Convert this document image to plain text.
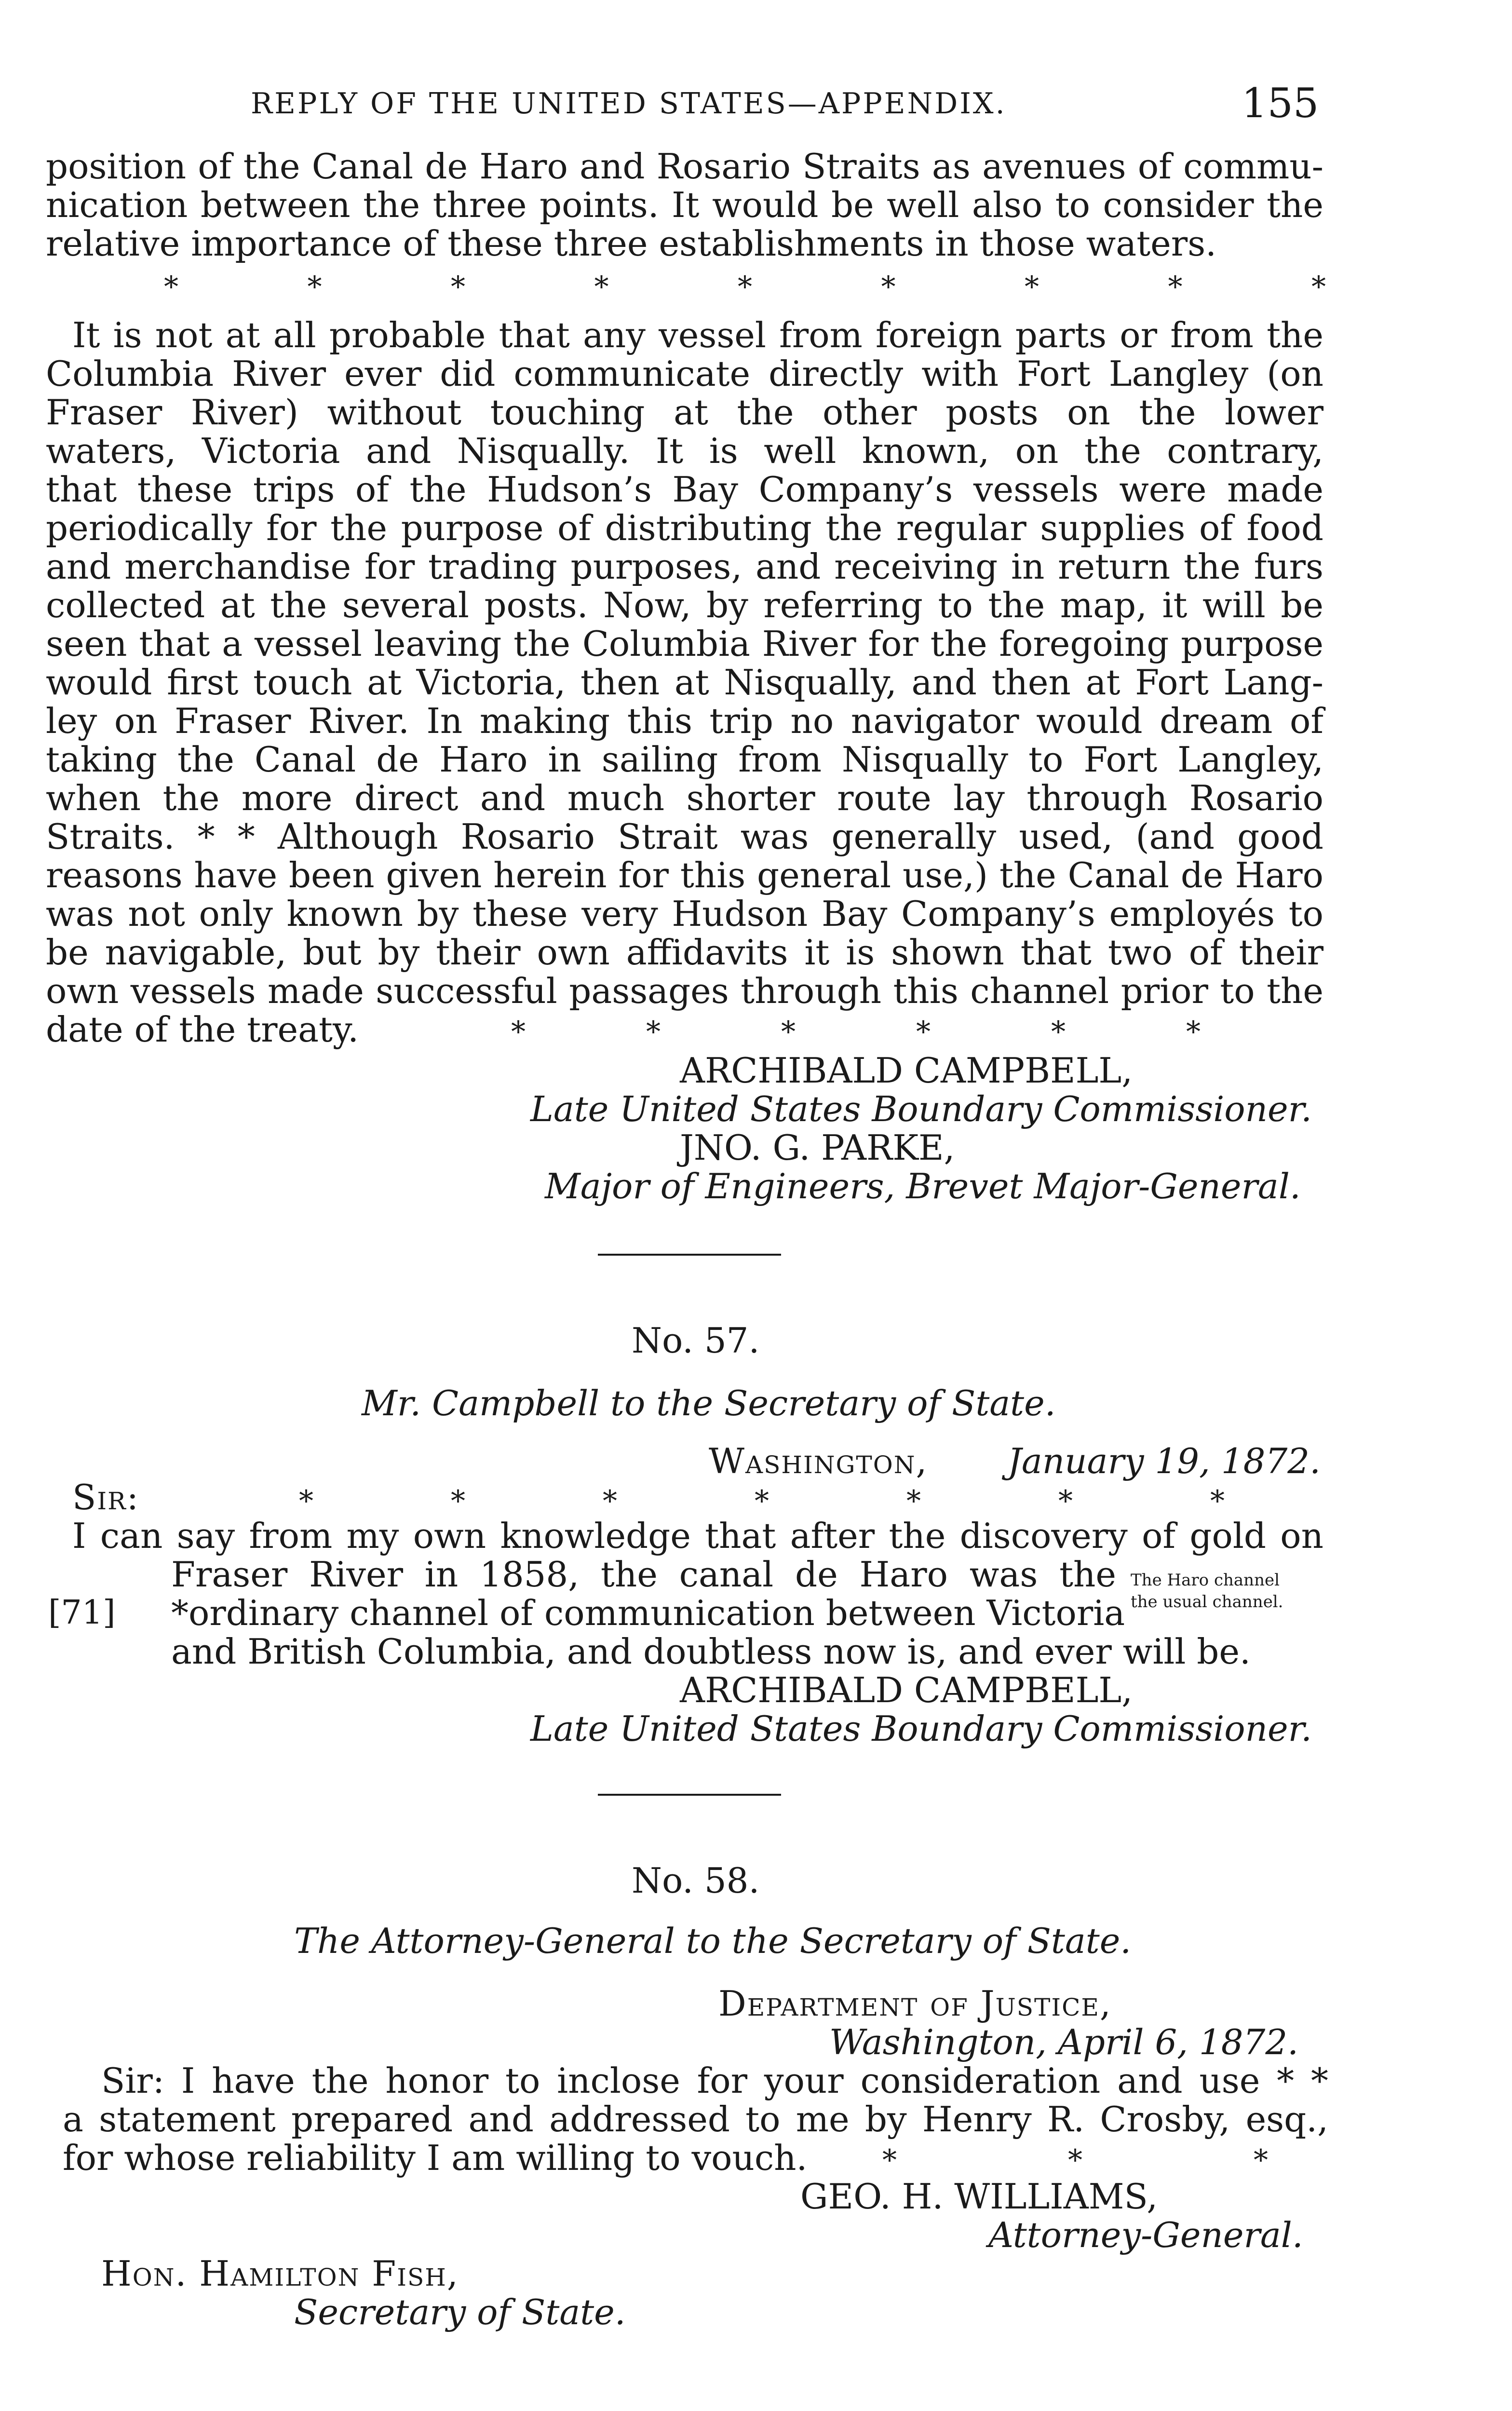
REPLY OF THE UNITED STATES—APPENDIX.	155
position of the Canal de Haro and Rosario Straits as avenues of commu-
nication between the three points. It would be well also to consider the
relative importance of these three establishments in those waters.
* * * * * * * * *
It is not at all probable that any vessel from foreign parts or from the
Columbia River ever did communicate directly with Fort Langley (on
Fraser River) without touching at the other posts on the lower
waters, Victoria and Nisqually. It is well known, on the contrary,
that these trips of the Hudson’s Bay Company’s vessels were made
periodically for the purpose of distributing the regular supplies of food
and merchandise for trading purposes, and receiving in return the furs
collected at the several posts. Now, by referring to the map, it will be
seen that a vessel leaving the Columbia River for the foregoing purpose
would first touch at Victoria, then at Nisqually, and then at Fort Lang-
ley on Fraser River. In making this trip no navigator would dream of
taking the Canal de Haro in sailing from Nisqually to Fort Langley,
when the more direct and much shorter route lay through Rosario
Straits. * * Although Rosario Strait was generally used, (and good
reasons have been given herein for this general use,) the Canal de Haro
was not only known by these very Hudson Bay Company’s employés to
be navigable, but by their own affidavits it is shown that two of their
own vessels made successful passages through this channel prior to the
date of the treaty.	* * * * * *
ARCHIBALD CAMPBELL,
Late United States Boundary Commissioner.
JNO. G. PARKE,
Major of Engineers, Brevet Major-General.
No. 57.
Mr. Campbell to the Secretary of State.
Washington, January 19, 1872.
Sir:	* * * * * * *
I can say from my own knowledge that after the discovery of gold on
Fraser River in 1858, the canal de Haro was the
[71] *ordinary channel of communication between Victoria
The Haro channel
the usual channel.
and British Columbia, and doubtless now is, and ever will be.
ARCHIBALD CAMPBELL,
Late United States Boundary Commissioner.
No. 58.
The Attorney-General to the Secretary of State.
Department of Justice,
Washington, April 6, 1872.
Sir: I have the honor to inclose for your consideration and use * *
a statement prepared and addressed to me by Henry R. Crosby, esq.,
for whose reliability I am willing to vouch.	* * *
GEO. H. WILLIAMS,
Attorney-General.
Hon. Hamilton Fish,
Secretary of State.
